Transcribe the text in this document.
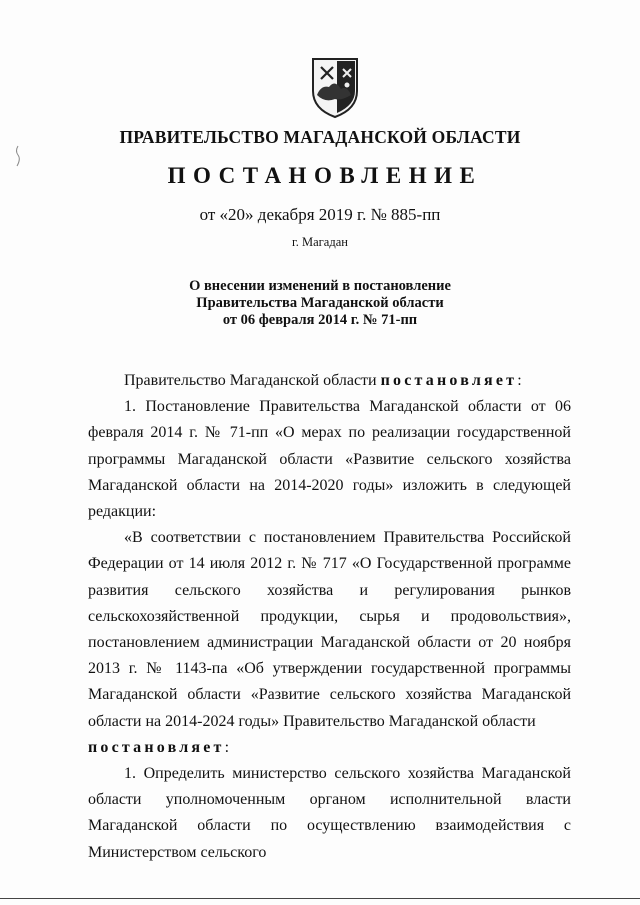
ПРАВИТЕЛЬСТВО МАГАДАНСКОЙ ОБЛАСТИ
ПОСТАНОВЛЕНИЕ
от «20» декабря 2019 г. № 885-пп
г. Магадан
О внесении изменений в постановление
Правительства Магаданской области
от 06 февраля 2014 г. № 71-пп

Правительство Магаданской области постановляет:

1. Постановление Правительства Магаданской области от 06 февраля 2014 г. № 71-пп «О мерах по реализации государственной программы Магаданской области «Развитие сельского хозяйства Магаданской области на 2014-2020 годы» изложить в следующей редакции:

«В соответствии с постановлением Правительства Российской Федерации от 14 июля 2012 г. № 717 «О Государственной программе развития сельского хозяйства и регулирования рынков сельскохозяйственной продукции, сырья и продовольствия», постановлением администрации Магаданской области от 20 ноября 2013 г. № 1143-па «Об утверждении государственной программы Магаданской области «Развитие сельского хозяйства Магаданской области на 2014-2024 годы» Правительство Магаданской области

постановляет:

1. Определить министерство сельского хозяйства Магаданской области уполномоченным органом исполнительной власти Магаданской области по осуществлению взаимодействия с Министерством сельского
